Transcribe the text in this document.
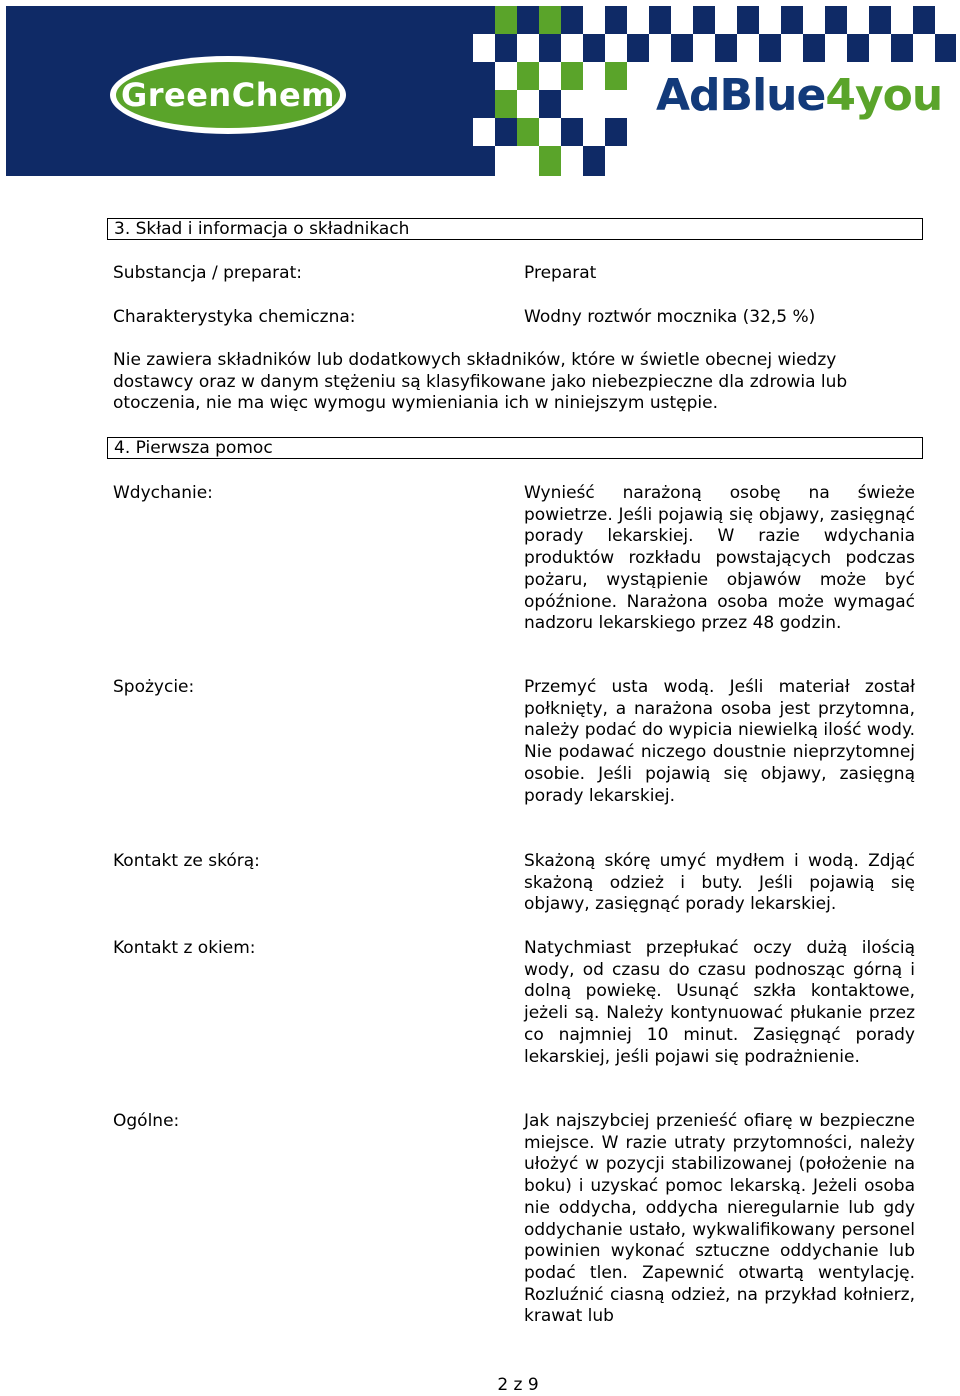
GreenChem	AdBlue4you
3. Skład i informacja o składnikach
Substancja / preparat:	Preparat
Charakterystyka chemiczna:	Wodny roztwór mocznika (32,5 %)
Nie zawiera składników lub dodatkowych składników, które w świetle obecnej wiedzy dostawcy oraz w danym stężeniu są klasyfikowane jako niebezpieczne dla zdrowia lub otoczenia, nie ma więc wymogu wymieniania ich w niniejszym ustępie.
4. Pierwsza pomoc
Wdychanie:	Wynieść narażoną osobę na świeże powietrze. Jeśli pojawią się objawy, zasięgnąć porady lekarskiej. W razie wdychania produktów rozkładu powstających podczas pożaru, wystąpienie objawów może być opóźnione. Narażona osoba może wymagać nadzoru lekarskiego przez 48 godzin.
Spożycie:	Przemyć usta wodą. Jeśli materiał został połknięty, a narażona osoba jest przytomna, należy podać do wypicia niewielką ilość wody. Nie podawać niczego doustnie nieprzytomnej osobie. Jeśli pojawią się objawy, zasięgną porady lekarskiej.
Kontakt ze skórą:	Skażoną skórę umyć mydłem i wodą. Zdjąć skażoną odzież i buty. Jeśli pojawią się objawy, zasięgnąć porady lekarskiej.
Kontakt z okiem:	Natychmiast przepłukać oczy dużą ilością wody, od czasu do czasu podnosząc górną i dolną powiekę. Usunąć szkła kontaktowe, jeżeli są. Należy kontynuować płukanie przez co najmniej 10 minut. Zasięgnąć porady lekarskiej, jeśli pojawi się podrażnienie.
Ogólne:	Jak najszybciej przenieść ofiarę w bezpieczne miejsce. W razie utraty przytomności, należy ułożyć w pozycji stabilizowanej (położenie na boku) i uzyskać pomoc lekarską. Jeżeli osoba nie oddycha, oddycha nieregularnie lub gdy oddychanie ustało, wykwalifikowany personel powinien wykonać sztuczne oddychanie lub podać tlen. Zapewnić otwartą wentylację. Rozluźnić ciasną odzież, na przykład kołnierz, krawat lub
2 z 9
